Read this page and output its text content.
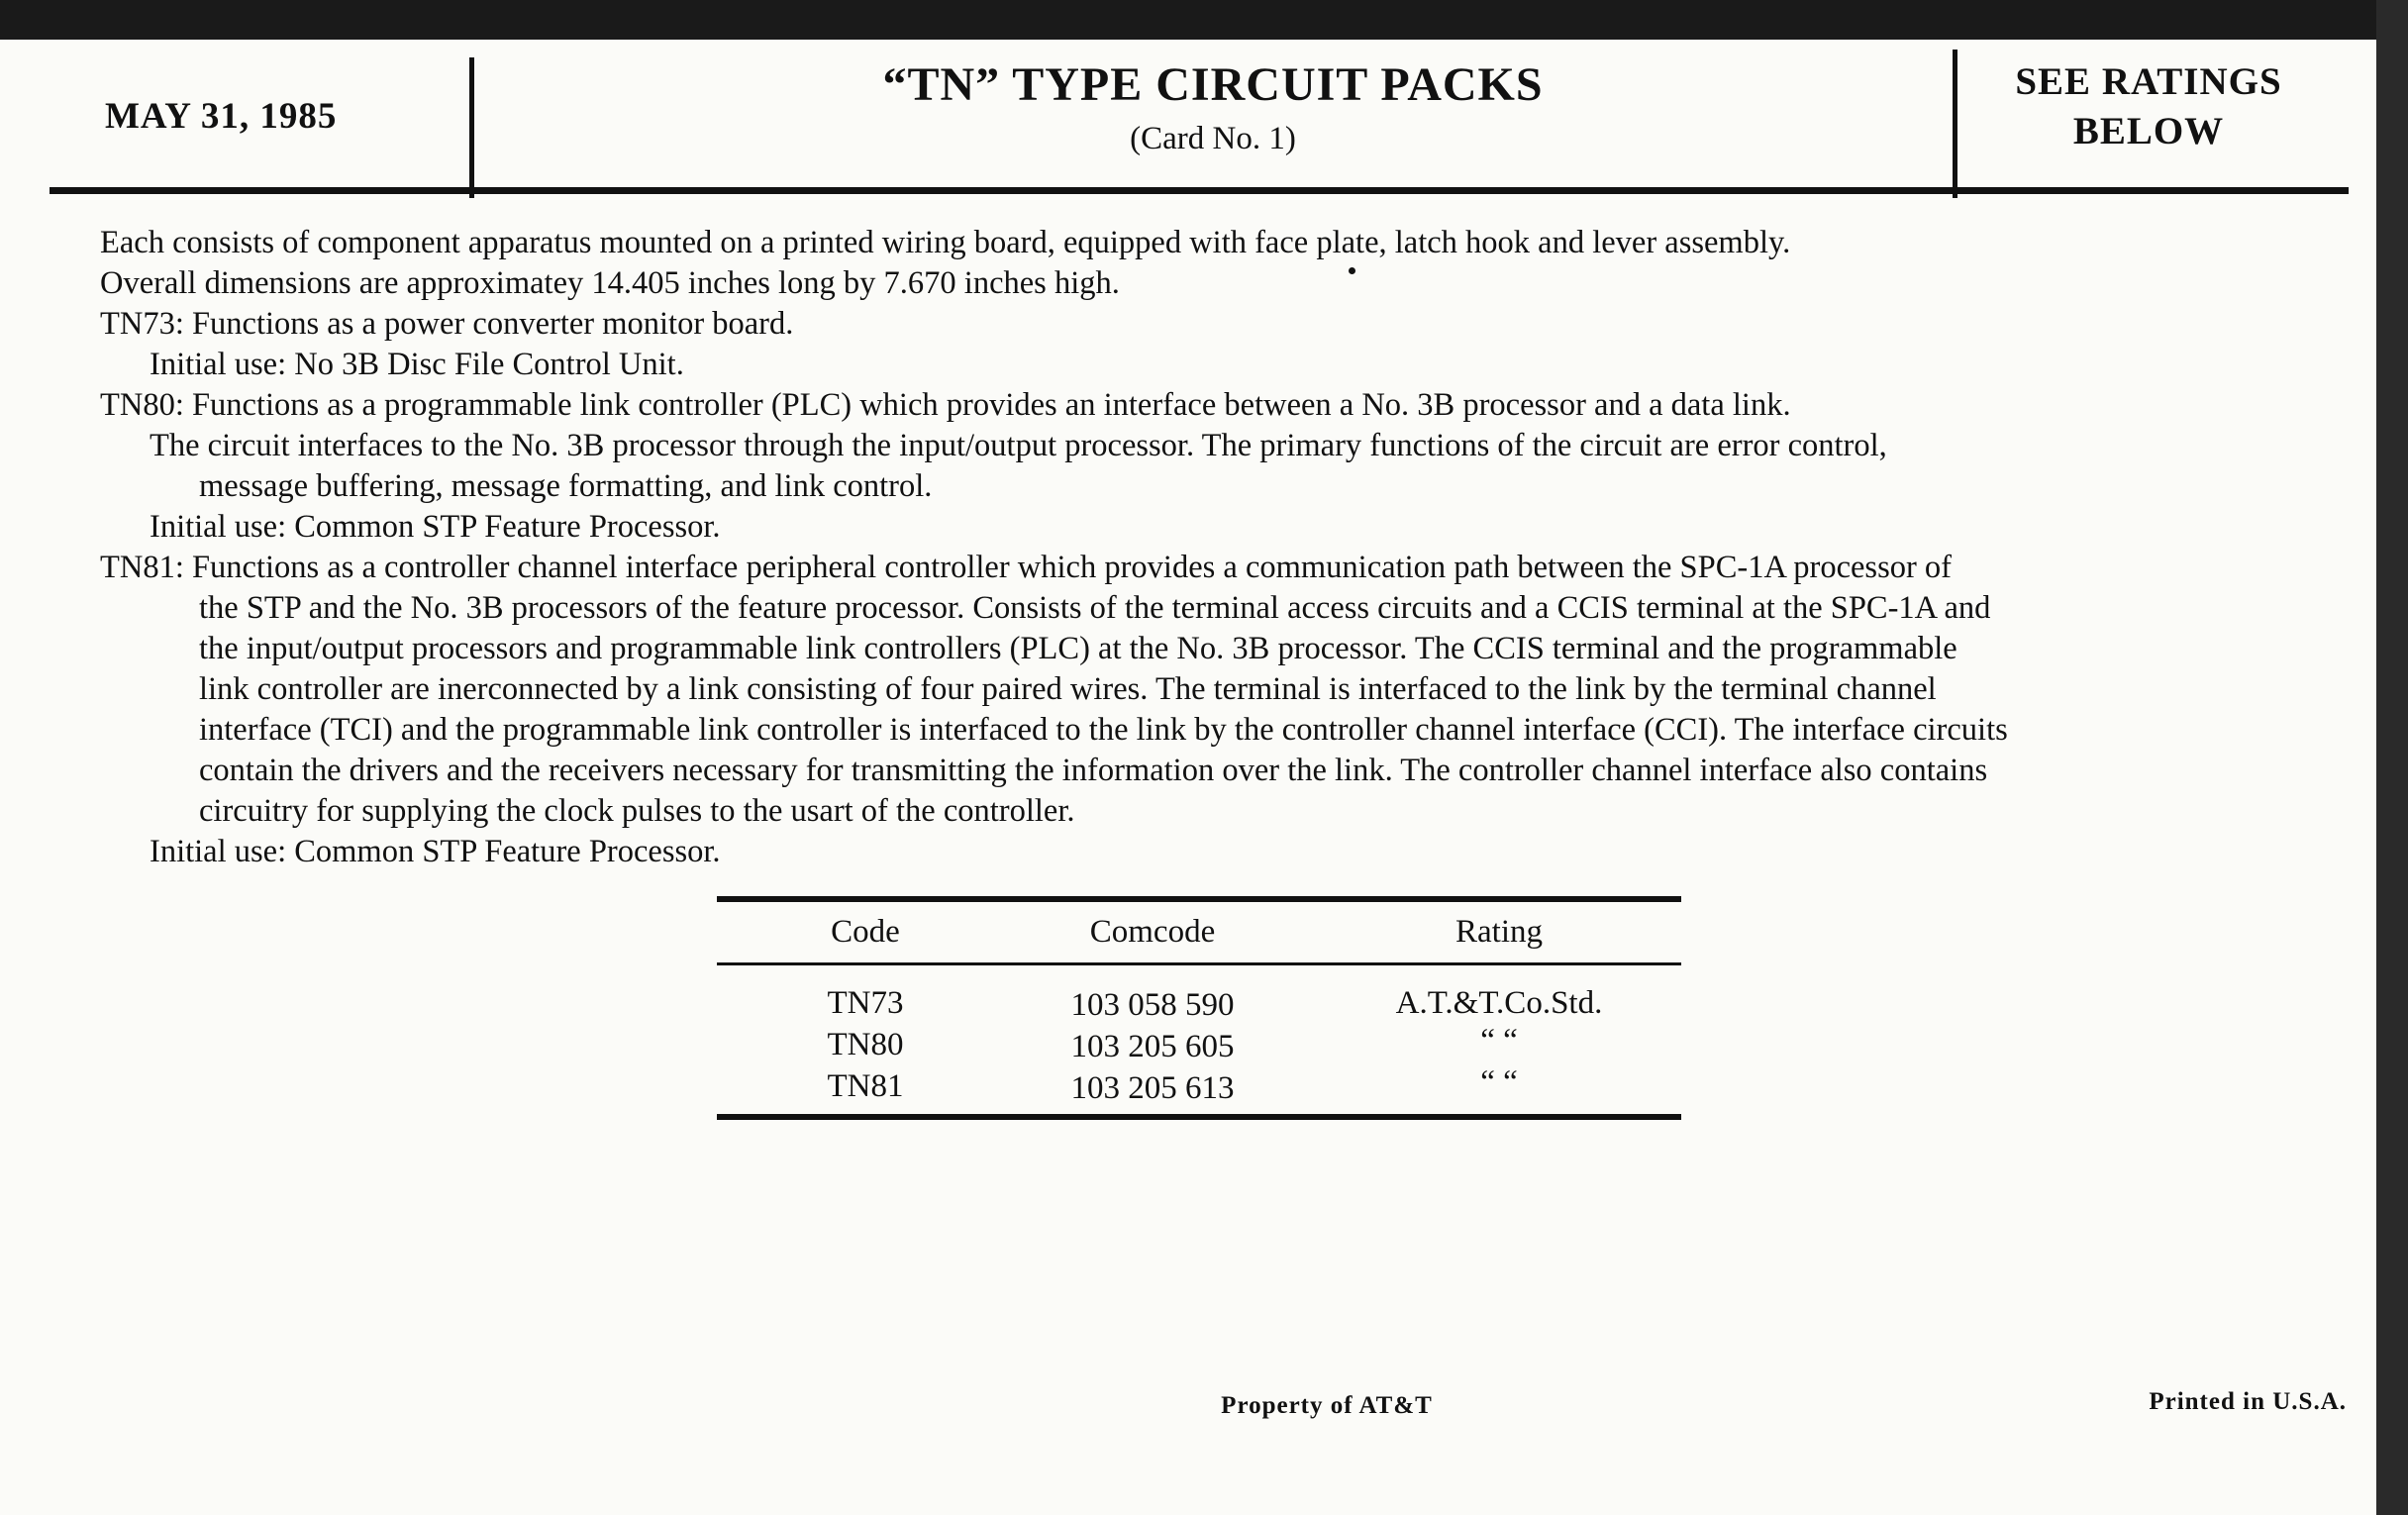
MAY 31, 1985
“TN” TYPE CIRCUIT PACKS
(Card No. 1)
SEE RATINGS
BELOW
Each consists of component apparatus mounted on a printed wiring board, equipped with face plate, latch hook and lever assembly.
Overall dimensions are approximatey 14.405 inches long by 7.670 inches high.
TN73: Functions as a power converter monitor board.
Initial use: No 3B Disc File Control Unit.
TN80: Functions as a programmable link controller (PLC) which provides an interface between a No. 3B processor and a data link.
The circuit interfaces to the No. 3B processor through the input/output processor. The primary functions of the circuit are error control,
message buffering, message formatting, and link control.
Initial use: Common STP Feature Processor.
TN81: Functions as a controller channel interface peripheral controller which provides a communication path between the SPC-1A processor of
the STP and the No. 3B processors of the feature processor. Consists of the terminal access circuits and a CCIS terminal at the SPC-1A and
the input/output processors and programmable link controllers (PLC) at the No. 3B processor. The CCIS terminal and the programmable
link controller are inerconnected by a link consisting of four paired wires. The terminal is interfaced to the link by the terminal channel
interface (TCI) and the programmable link controller is interfaced to the link by the controller channel interface (CCI). The interface circuits
contain the drivers and the receivers necessary for transmitting the information over the link. The controller channel interface also contains
circuitry for supplying the clock pulses to the usart of the controller.
Initial use: Common STP Feature Processor.
Code	Comcode	Rating
TN73	103 058 590	A.T.&T.Co.Std.
TN80	103 205 605	“ “
TN81	103 205 613	“ “
Property of AT&T	Printed in U.S.A.
